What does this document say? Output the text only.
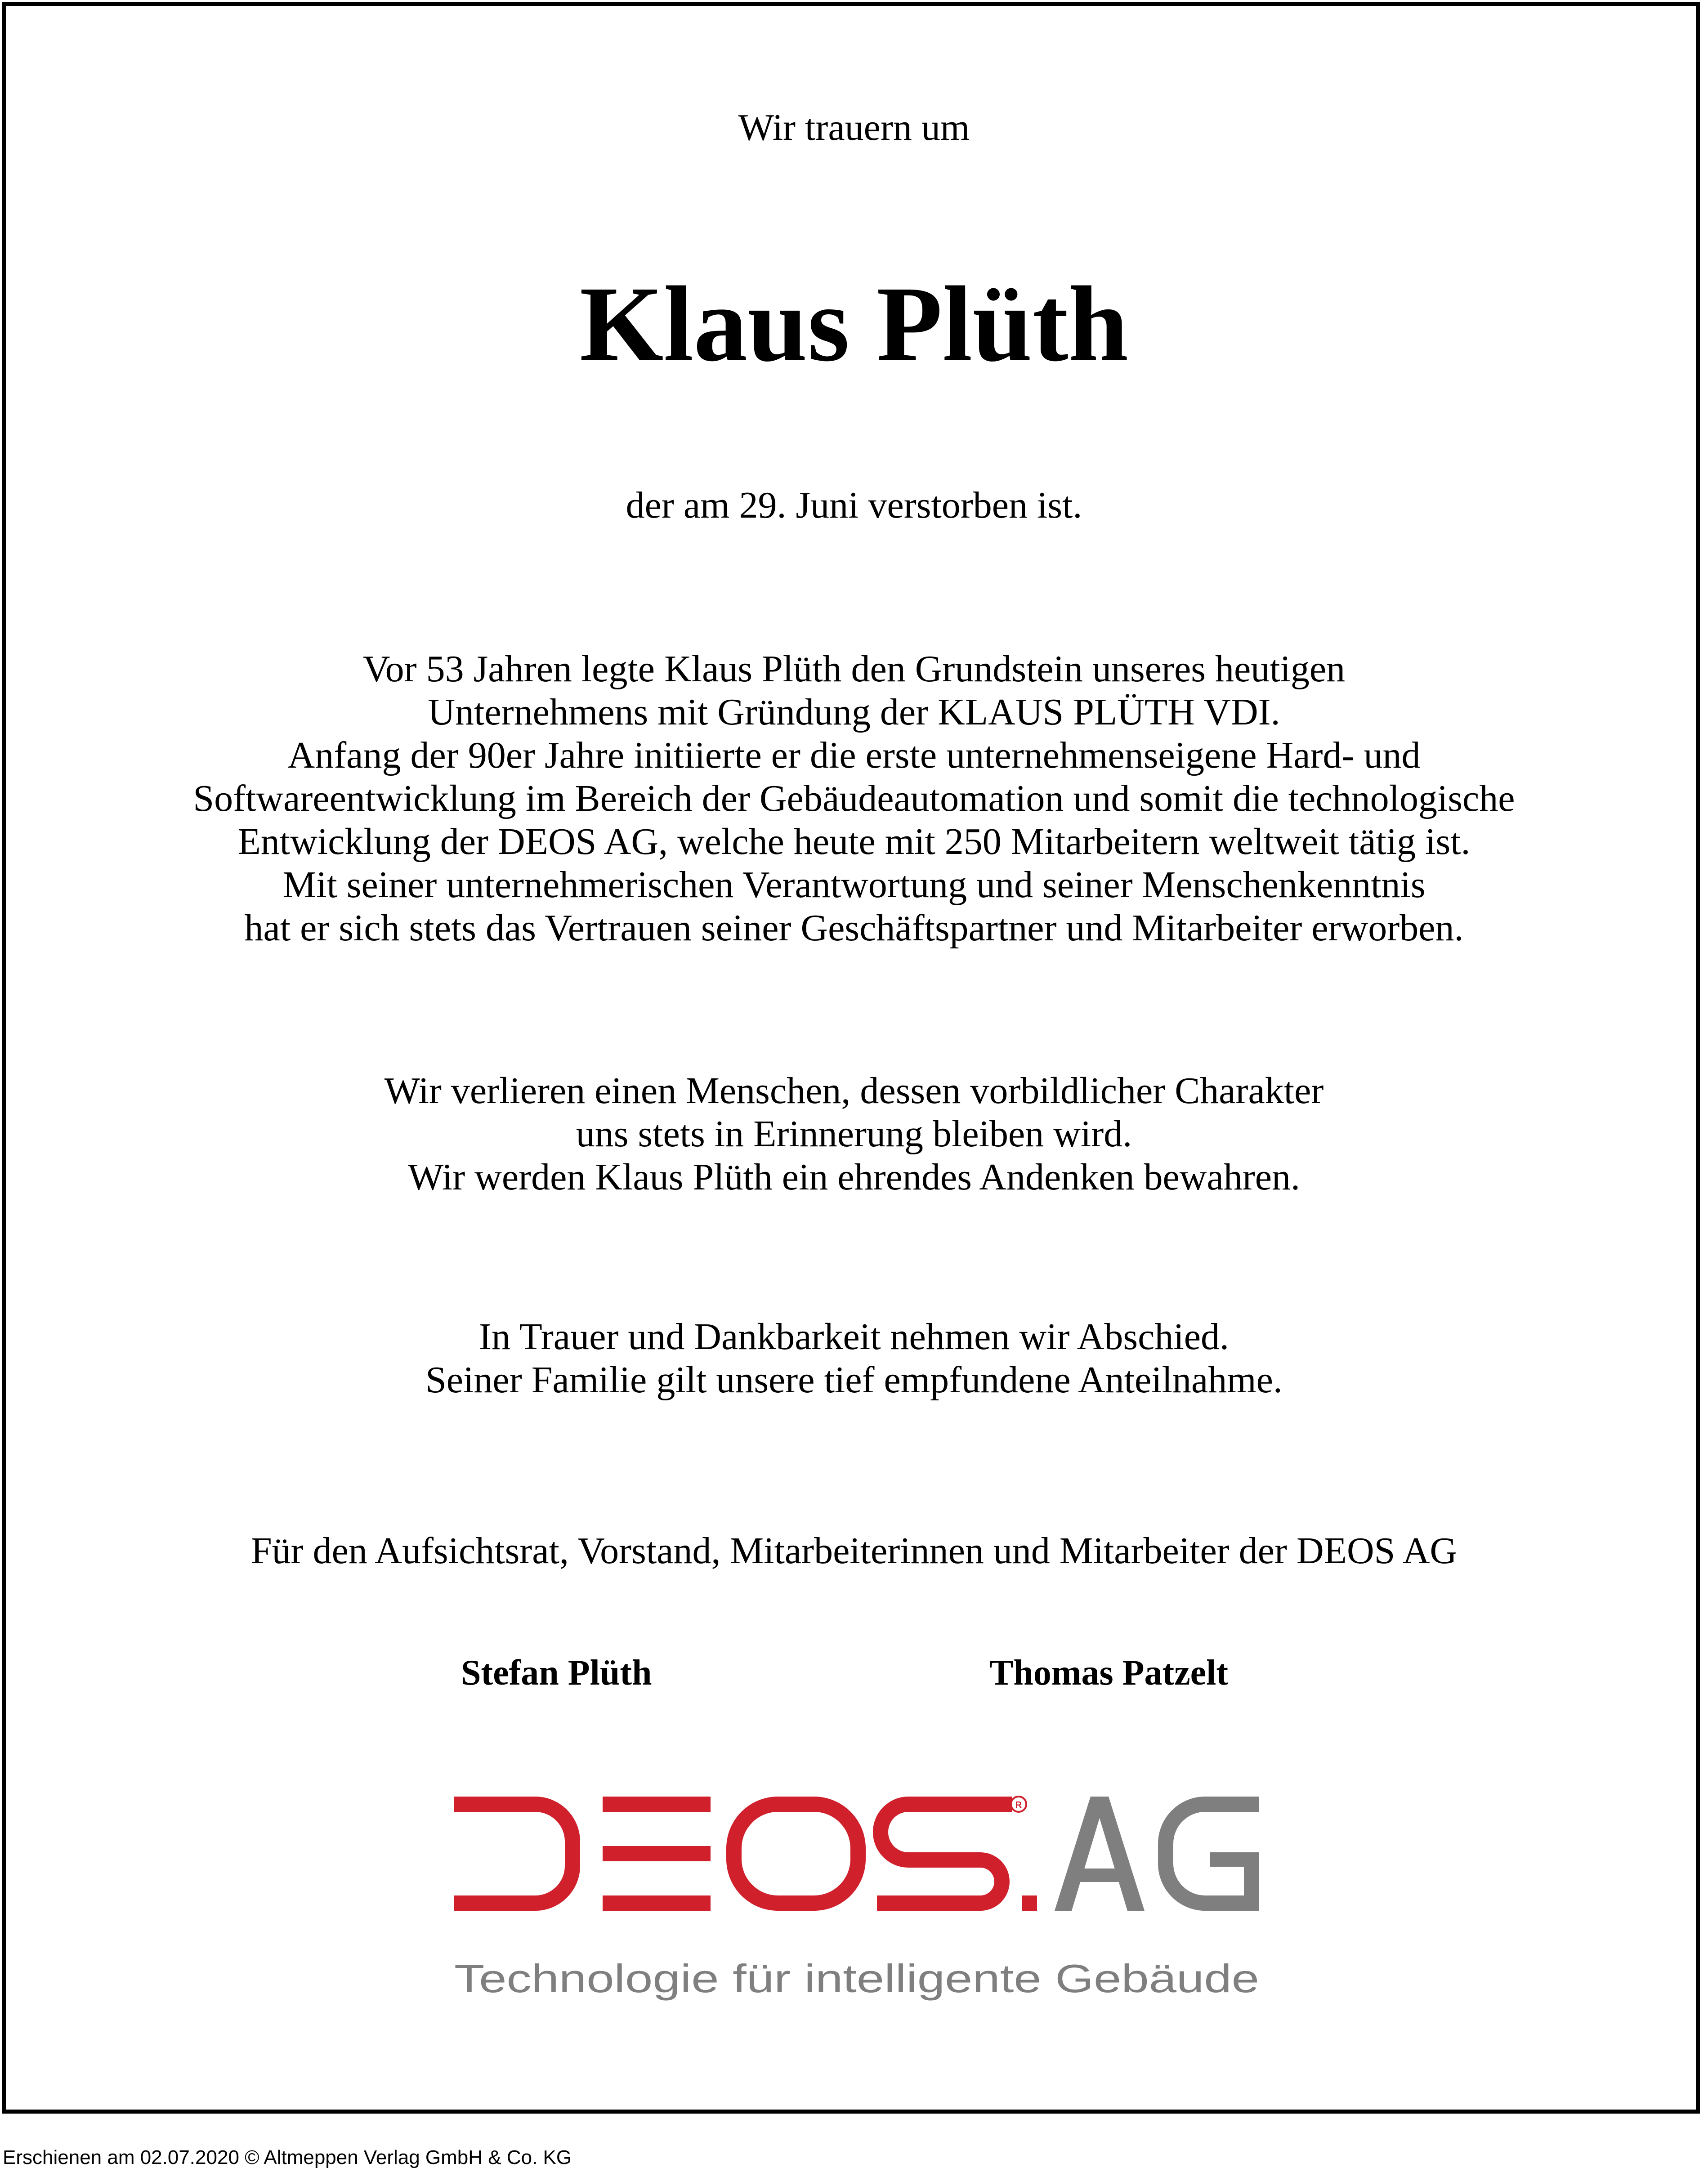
Wir trauern um
Klaus Plüth
der am 29. Juni verstorben ist.
Vor 53 Jahren legte Klaus Plüth den Grundstein unseres heutigen
Unternehmens mit Gründung der KLAUS PLÜTH VDI.
Anfang der 90er Jahre initiierte er die erste unternehmenseigene Hard- und
Softwareentwicklung im Bereich der Gebäudeautomation und somit die technologische
Entwicklung der DEOS AG, welche heute mit 250 Mitarbeitern weltweit tätig ist.
Mit seiner unternehmerischen Verantwortung und seiner Menschenkenntnis
hat er sich stets das Vertrauen seiner Geschäftspartner und Mitarbeiter erworben.
Wir verlieren einen Menschen, dessen vorbildlicher Charakter
uns stets in Erinnerung bleiben wird.
Wir werden Klaus Plüth ein ehrendes Andenken bewahren.
In Trauer und Dankbarkeit nehmen wir Abschied.
Seiner Familie gilt unsere tief empfundene Anteilnahme.
Für den Aufsichtsrat, Vorstand, Mitarbeiterinnen und Mitarbeiter der DEOS AG
Stefan Plüth	Thomas Patzelt
R
Technologie für intelligente Gebäude
Erschienen am 02.07.2020 © Altmeppen Verlag GmbH & Co. KG
